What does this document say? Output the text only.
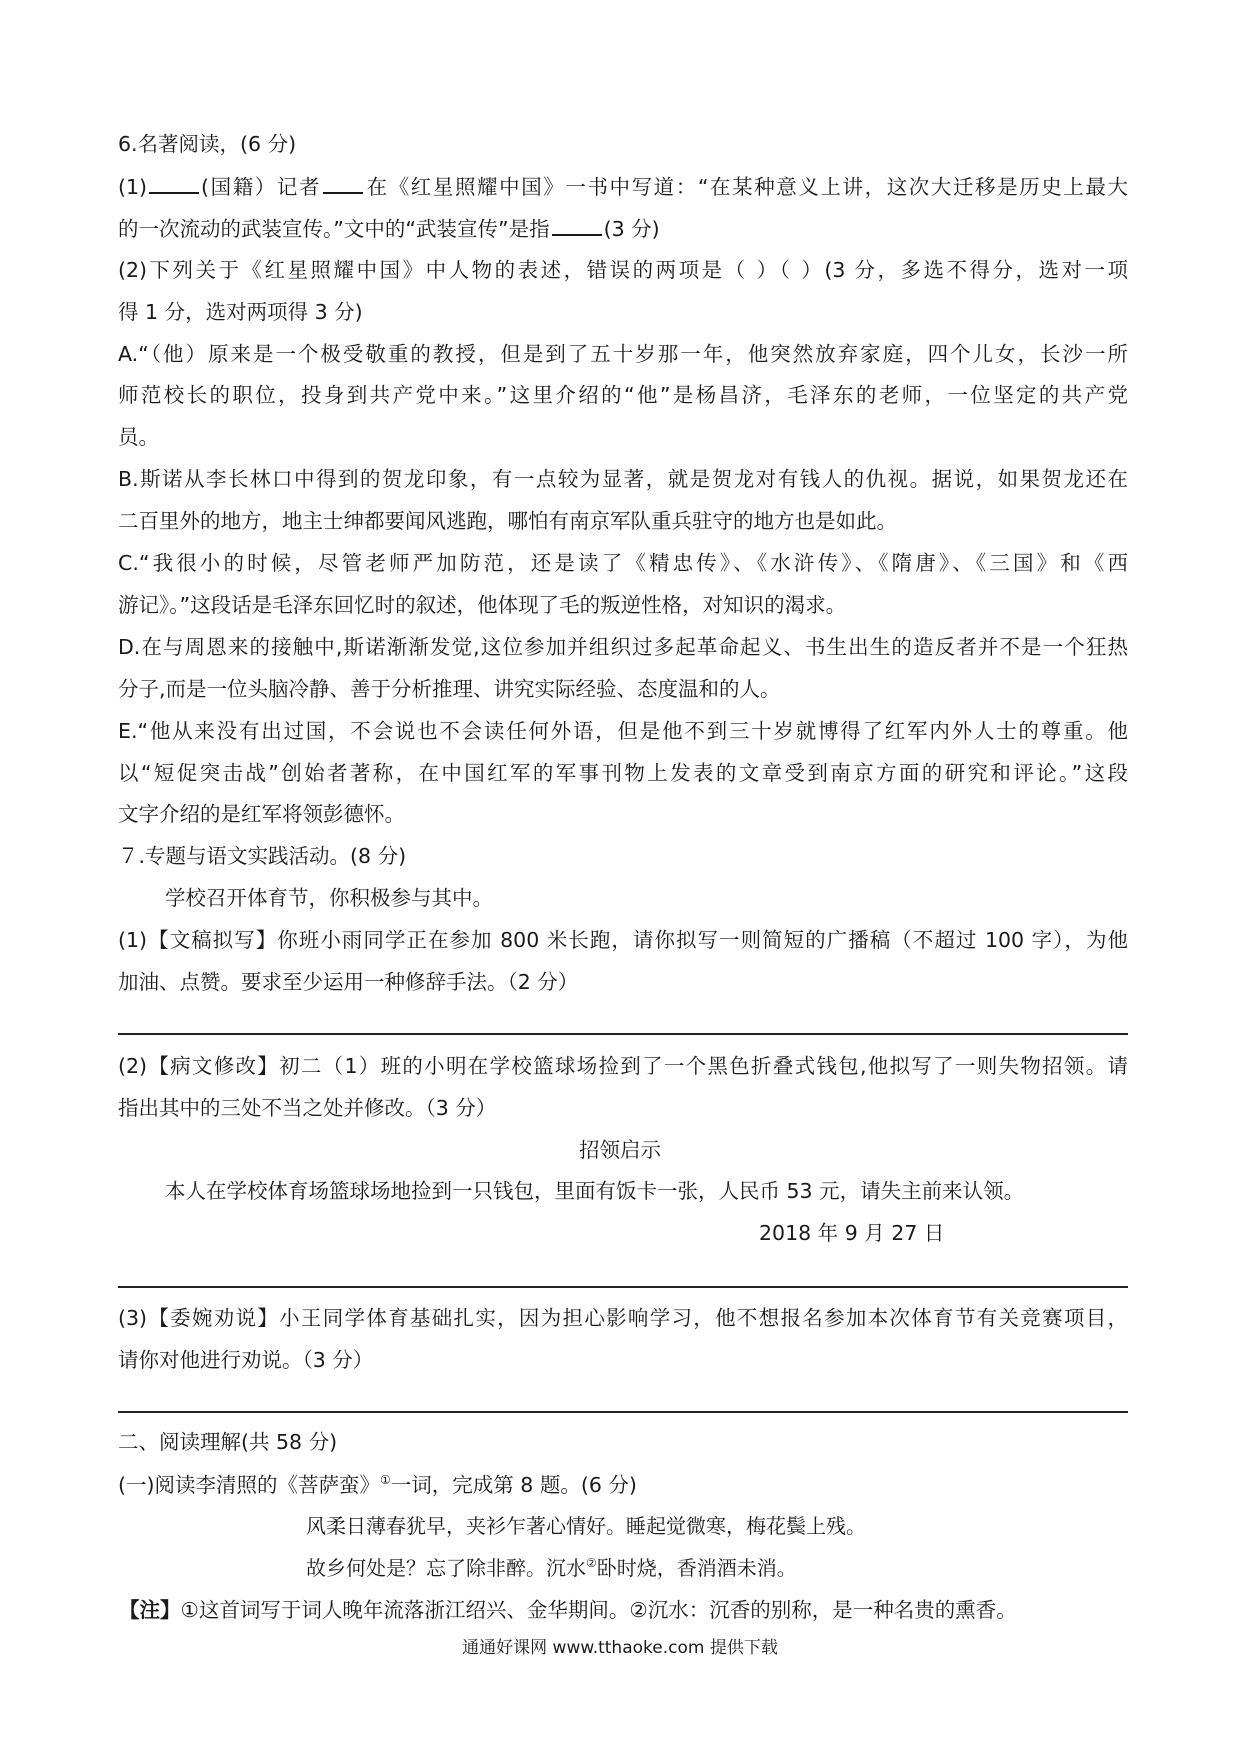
6.名著阅读，(6 分)
(1)	(国籍）记者 在《红星照耀中国》一书中写道：“在某种意义上讲，这次大迁移是历史上最大
的一次流动的武装宣传。”文中的“武装宣传”是指	(3 分)
(2)下列关于《红星照耀中国》中人物的表述，错误的两项是（ ）（ ）(3 分，多选不得分，选对一项
得 1 分，选对两项得 3 分)
A.“（他）原来是一个极受敬重的教授，但是到了五十岁那一年，他突然放弃家庭，四个儿女，长沙一所
师范校长的职位，投身到共产党中来。”这里介绍的“他”是杨昌济，毛泽东的老师，一位坚定的共产党
员。
B.斯诺从李长林口中得到的贺龙印象，有一点较为显著，就是贺龙对有钱人的仇视。据说，如果贺龙还在
二百里外的地方，地主士绅都要闻风逃跑，哪怕有南京军队重兵驻守的地方也是如此。
C.“我很小的时候，尽管老师严加防范，还是读了《精忠传》、《水浒传》、《隋唐》、《三国》和《西
游记》。”这段话是毛泽东回忆时的叙述，他体现了毛的叛逆性格，对知识的渴求。
D.在与周恩来的接触中,斯诺渐渐发觉,这位参加并组织过多起革命起义、书生出生的造反者并不是一个狂热
分子,而是一位头脑冷静、善于分析推理、讲究实际经验、态度温和的人。
E.“他从来没有出过国，不会说也不会读任何外语，但是他不到三十岁就博得了红军内外人士的尊重。他
以“短促突击战”创始者著称，在中国红军的军事刊物上发表的文章受到南京方面的研究和评论。”这段
文字介绍的是红军将领彭德怀。
７.专题与语文实践活动。(8 分)
学校召开体育节，你积极参与其中。
(1)【文稿拟写】你班小雨同学正在参加 800 米长跑，请你拟写一则简短的广播稿（不超过 100 字），为他
加油、点赞。要求至少运用一种修辞手法。（2 分）
(2)【病文修改】初二（1）班的小明在学校篮球场捡到了一个黑色折叠式钱包,他拟写了一则失物招领。请
指出其中的三处不当之处并修改。（3 分）
招领启示
本人在学校体育场篮球场地捡到一只钱包，里面有饭卡一张，人民币 53 元，请失主前来认领。
2018 年 9 月 27 日
(3)【委婉劝说】小王同学体育基础扎实，因为担心影响学习，他不想报名参加本次体育节有关竞赛项目，
请你对他进行劝说。（3 分）
二、阅读理解(共 58 分)
(一)阅读李清照的《菩萨蛮》①一词，完成第 8 题。(6 分)
风柔日薄春犹早，夹衫乍著心情好。睡起觉微寒，梅花鬓上残。
故乡何处是？忘了除非醉。沉水②卧时烧，香消酒未消。
【注】①这首词写于词人晚年流落浙江绍兴、金华期间。②沉水：沉香的别称，是一种名贵的熏香。
通通好课网 www.tthaoke.com 提供下载
